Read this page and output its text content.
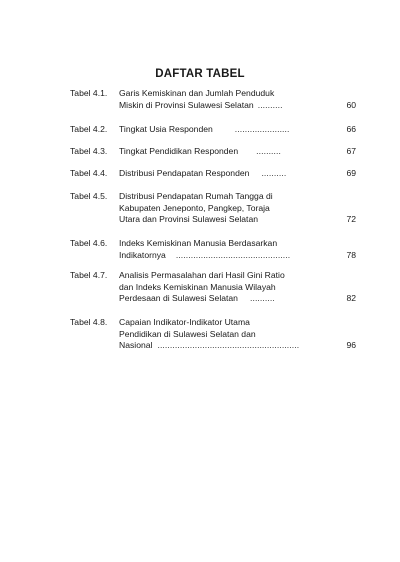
DAFTAR TABEL
Tabel 4.1.	Garis Kemiskinan dan Jumlah Penduduk
Miskin di Provinsi Sulawesi Selatan ..........	60
Tabel 4.2.	Tingkat Usia Responden	......................	66
Tabel 4.3.	Tingkat Pendidikan Responden ..........	67
Tabel 4.4.	Distribusi Pendapatan Responden ..........	69
Tabel 4.5.	Distribusi Pendapatan Rumah Tangga di
Kabupaten Jeneponto, Pangkep, Toraja
Utara dan Provinsi Sulawesi Selatan	72
Tabel 4.6.	Indeks Kemiskinan Manusia Berdasarkan
Indikatornya ..............................................	78
Tabel 4.7.	Analisis Permasalahan dari Hasil Gini Ratio
dan Indeks Kemiskinan Manusia Wilayah
Perdesaan di Sulawesi Selatan ..........	82
Tabel 4.8.	Capaian Indikator-Indikator Utama
Pendidikan di Sulawesi Selatan dan
Nasional .........................................................	96
